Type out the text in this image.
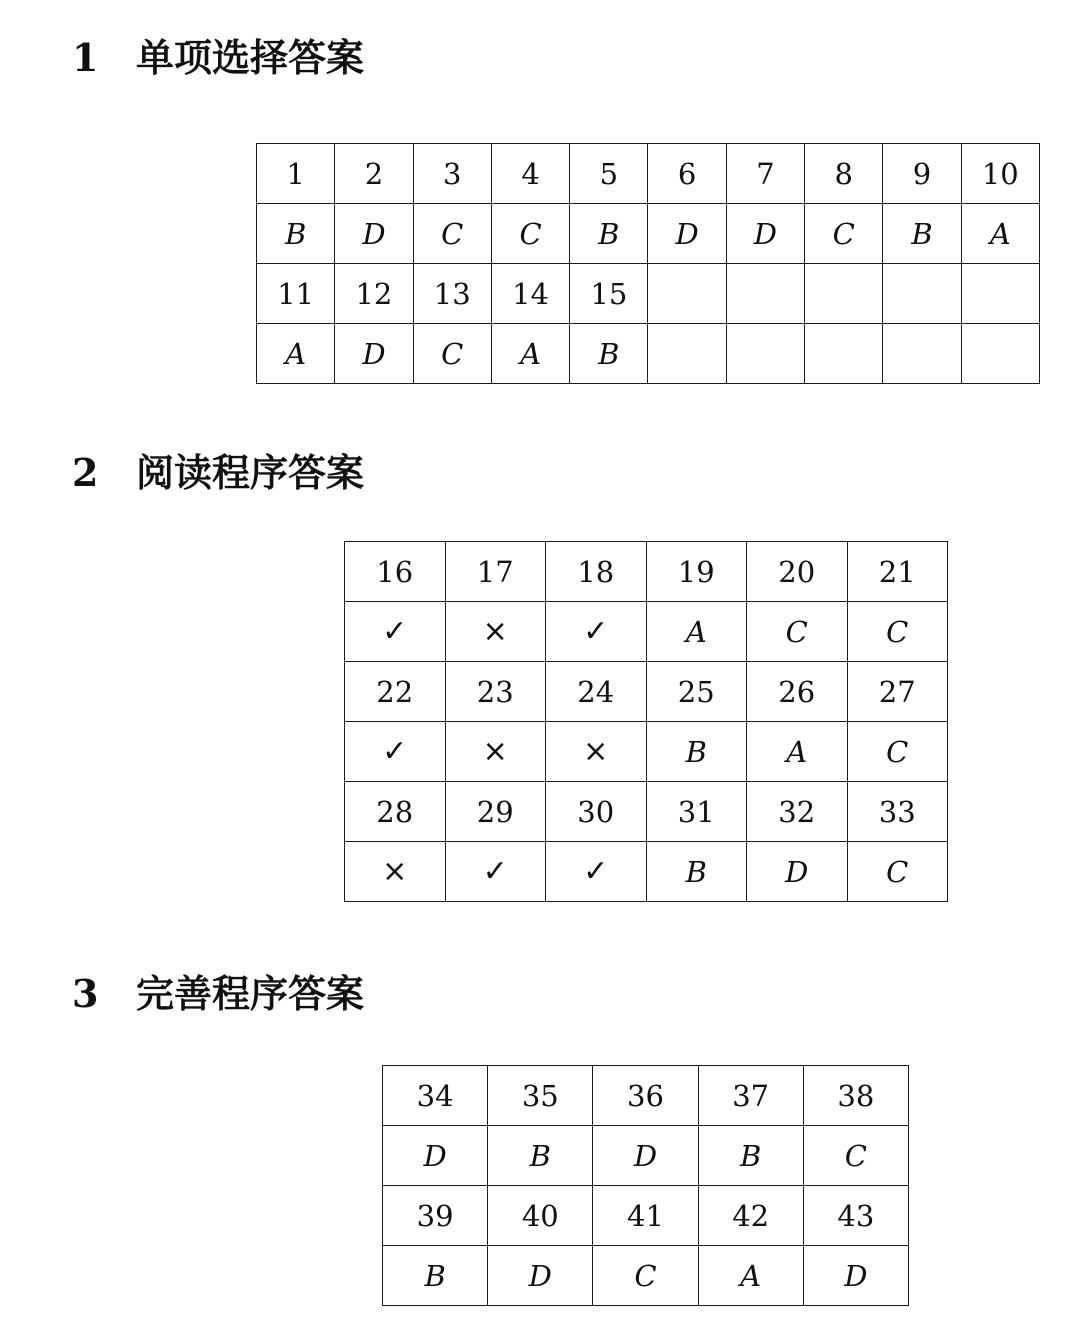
1 单项选择答案
1	2	3	4	5	6	7	8	9	10
B	D	C	C	B	D	D	C	B	A
11	12	13	14	15					
A	D	C	A	B					
2 阅读程序答案
16	17	18	19	20	21
✓	×	✓	A	C	C
22	23	24	25	26	27
✓	×	×	B	A	C
28	29	30	31	32	33
×	✓	✓	B	D	C
3 完善程序答案
34	35	36	37	38
D	B	D	B	C
39	40	41	42	43
B	D	C	A	D
